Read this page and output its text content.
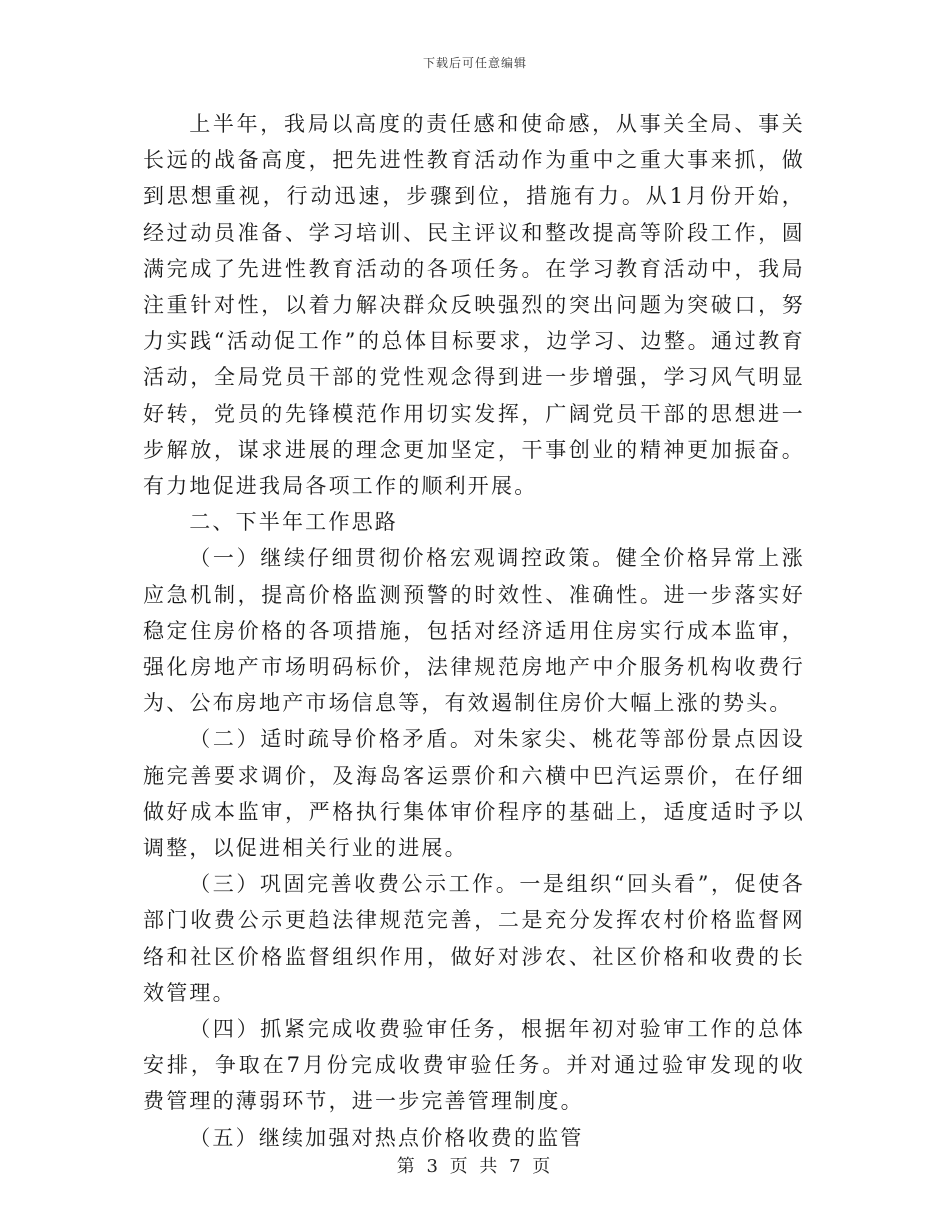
下载后可任意编辑

上半年，我局以高度的责任感和使命感，从事关全局、事关长远的战备高度，把先进性教育活动作为重中之重大事来抓，做到思想重视，行动迅速，步骤到位，措施有力。从1月份开始，经过动员准备、学习培训、民主评议和整改提高等阶段工作，圆满完成了先进性教育活动的各项任务。在学习教育活动中，我局注重针对性，以着力解决群众反映强烈的突出问题为突破口，努力实践“活动促工作”的总体目标要求，边学习、边整。通过教育活动，全局党员干部的党性观念得到进一步增强，学习风气明显好转，党员的先锋模范作用切实发挥，广阔党员干部的思想进一步解放，谋求进展的理念更加坚定，干事创业的精神更加振奋。有力地促进我局各项工作的顺利开展。

二、下半年工作思路

（一）继续仔细贯彻价格宏观调控政策。健全价格异常上涨应急机制，提高价格监测预警的时效性、准确性。进一步落实好稳定住房价格的各项措施，包括对经济适用住房实行成本监审，强化房地产市场明码标价，法律规范房地产中介服务机构收费行为、公布房地产市场信息等，有效遏制住房价大幅上涨的势头。

（二）适时疏导价格矛盾。对朱家尖、桃花等部份景点因设施完善要求调价，及海岛客运票价和六横中巴汽运票价，在仔细做好成本监审，严格执行集体审价程序的基础上，适度适时予以调整，以促进相关行业的进展。

（三）巩固完善收费公示工作。一是组织“回头看”，促使各部门收费公示更趋法律规范完善，二是充分发挥农村价格监督网络和社区价格监督组织作用，做好对涉农、社区价格和收费的长效管理。

（四）抓紧完成收费验审任务，根据年初对验审工作的总体安排，争取在7月份完成收费审验任务。并对通过验审发现的收费管理的薄弱环节，进一步完善管理制度。

（五）继续加强对热点价格收费的监管

第 3 页 共 7 页
